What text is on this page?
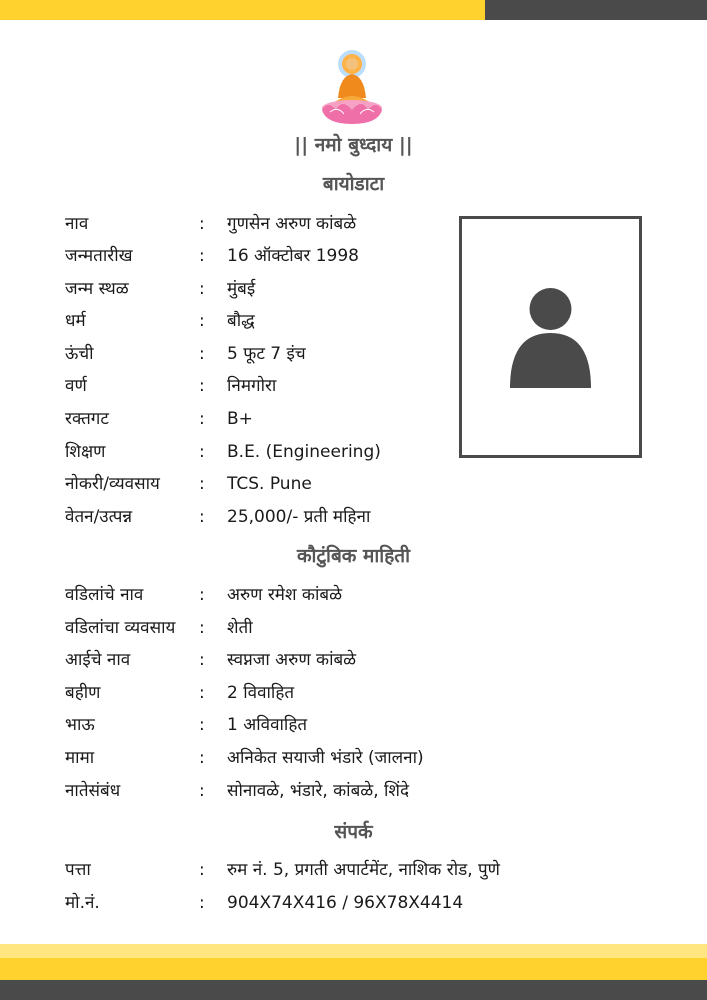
|| नमो बुध्दाय ||
बायोडाटा
नाव	: गुणसेन अरुण कांबळे
जन्मतारीख	: 16 ऑक्टोबर 1998
जन्म स्थळ	: मुंबई
धर्म	: बौद्ध
ऊंची	: 5 फूट 7 इंच
वर्ण	: निमगोरा
रक्तगट	: B+
शिक्षण	: B.E. (Engineering)
नोकरी/व्यवसाय : TCS. Pune
वेतन/उत्पन्न	: 25,000/- प्रती महिना
कौटुंबिक माहिती
वडिलांचे नाव	: अरुण रमेश कांबळे
वडिलांचा व्यवसाय : शेती
आईचे नाव	: स्वप्नजा अरुण कांबळे
बहीण	: 2 विवाहित
भाऊ	: 1 अविवाहित
मामा	: अनिकेत सयाजी भंडारे (जालना)
नातेसंबंध	: सोनावळे, भंडारे, कांबळे, शिंदे
संपर्क
पत्ता	: रुम नं. 5, प्रगती अपार्टमेंट, नाशिक रोड, पुणे
मो.नं.	: 904X74X416 / 96X78X4414
